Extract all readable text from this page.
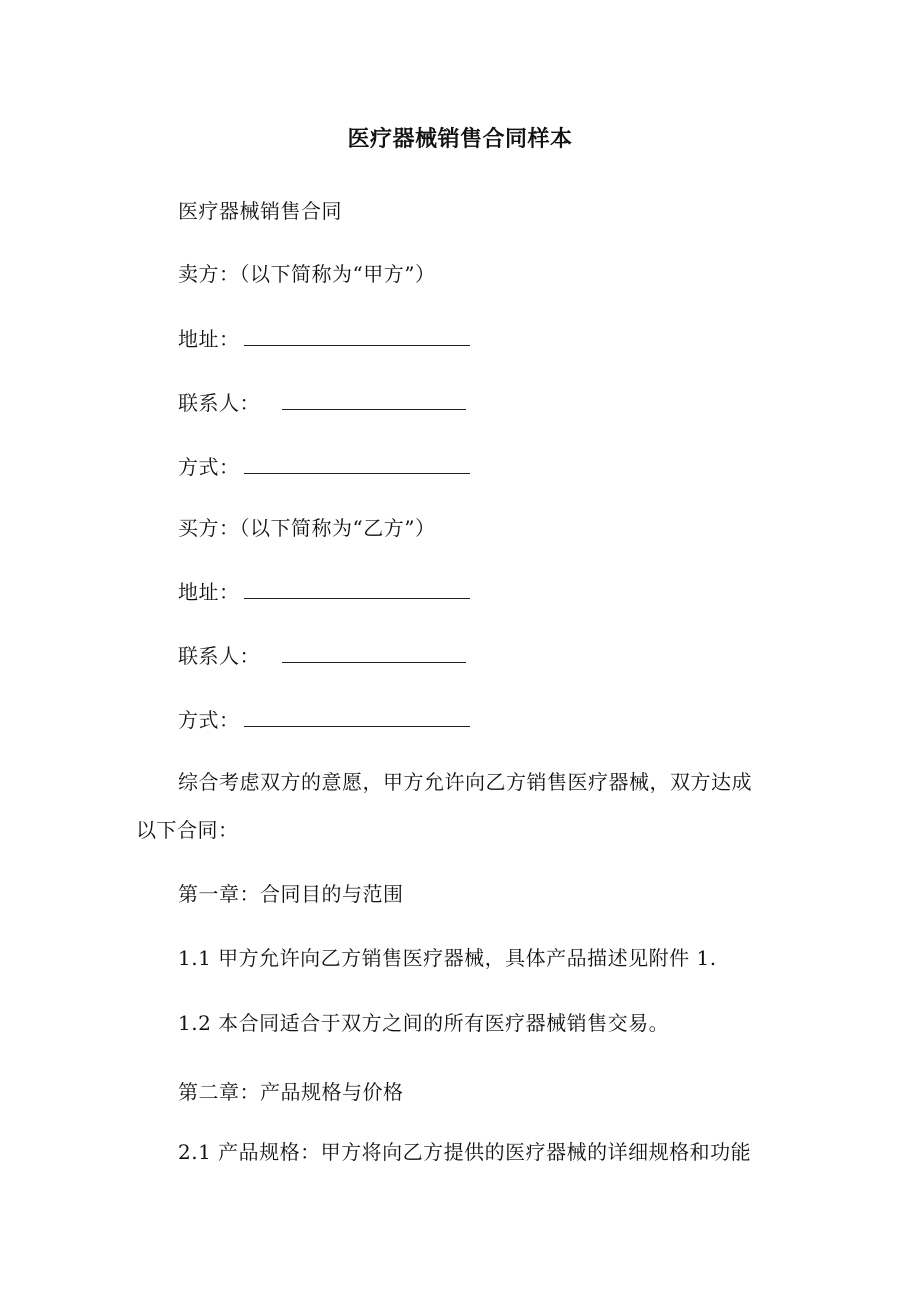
医疗器械销售合同样本
医疗器械销售合同
卖方：（以下简称为“甲方”）
地址：
联系人：
方式：
买方：（以下简称为“乙方”）
地址：
联系人：
方式：
综合考虑双方的意愿，甲方允许向乙方销售医疗器械，双方达成
以下合同：
第一章：合同目的与范围
1.1 甲方允许向乙方销售医疗器械，具体产品描述见附件 1.
1.2 本合同适合于双方之间的所有医疗器械销售交易。
第二章：产品规格与价格
2.1 产品规格：甲方将向乙方提供的医疗器械的详细规格和功能
